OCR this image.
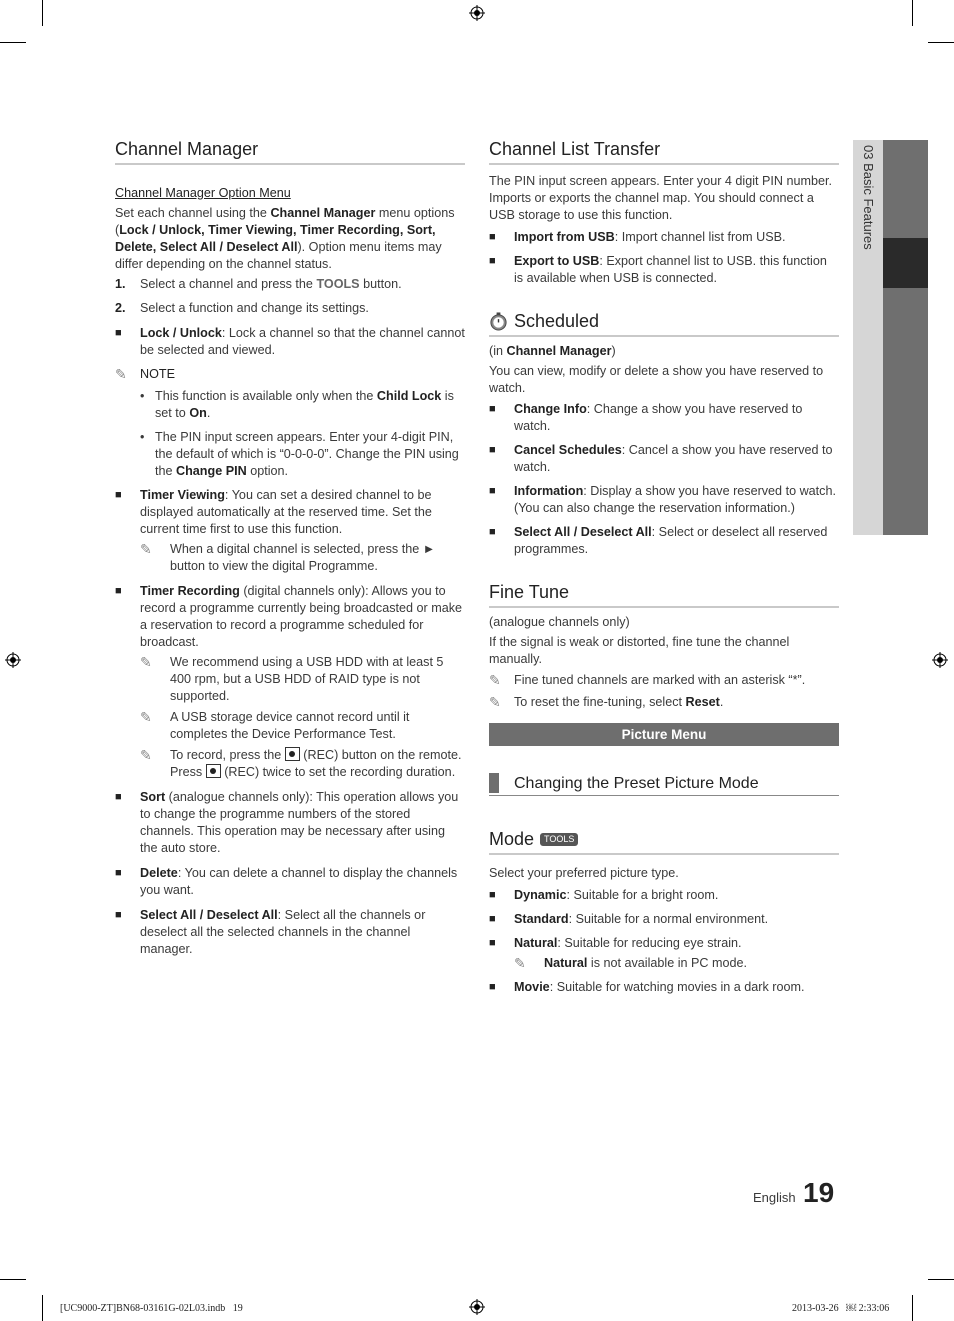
03 Basic Features
Channel Manager
Channel Manager Option Menu

Set each channel using the Channel Manager menu options (Lock / Unlock, Timer Viewing, Timer Recording, Sort, Delete, Select All / Deselect All). Option menu items may differ depending on the channel status.

1.	Select a channel and press the TOOLS button.
2.	Select a function and change its settings.
■	Lock / Unlock: Lock a channel so that the channel cannot be selected and viewed.
✎	NOTE
• This function is available only when the Child Lock is set to On.
• The PIN input screen appears. Enter your 4-digit PIN, the default of which is “0-0-0-0”. Change the PIN using the Change PIN option.
■	Timer Viewing: You can set a desired channel to be displayed automatically at the reserved time. Set the current time first to use this function.
✎	When a digital channel is selected, press the ► button to view the digital Programme.
■	Timer Recording (digital channels only): Allows you to record a programme currently being broadcasted or make a reservation to record a programme scheduled for broadcast.
✎	We recommend using a USB HDD with at least 5 400 rpm, but a USB HDD of RAID type is not supported.
✎	A USB storage device cannot record until it completes the Device Performance Test.
✎	To record, press the  (REC) button on the remote. Press  (REC) twice to set the recording duration.
■	Sort (analogue channels only): This operation allows you to change the programme numbers of the stored channels. This operation may be necessary after using the auto store.
■	Delete: You can delete a channel to display the channels you want.
■	Select All / Deselect All: Select all the channels or deselect all the selected channels in the channel manager.
Channel List Transfer

The PIN input screen appears. Enter your 4 digit PIN number. Imports or exports the channel map. You should connect a USB storage to use this function.

■	Import from USB: Import channel list from USB.
■	Export to USB: Export channel list to USB. this function is available when USB is connected.
Scheduled

(in Channel Manager)

You can view, modify or delete a show you have reserved to watch.

■	Change Info: Change a show you have reserved to watch.
■	Cancel Schedules: Cancel a show you have reserved to watch.
■	Information: Display a show you have reserved to watch. (You can also change the reservation information.)
■	Select All / Deselect All: Select or deselect all reserved programmes.
Fine Tune

(analogue channels only)

If the signal is weak or distorted, fine tune the channel manually.

✎	Fine tuned channels are marked with an asterisk “*”.
✎	To reset the fine-tuning, select Reset.
Picture Menu
Changing the Preset Picture Mode
Mode TOOLS

Select your preferred picture type.

■	Dynamic: Suitable for a bright room.
■	Standard: Suitable for a normal environment.
■	Natural: Suitable for reducing eye strain.
✎	Natural is not available in PC mode.
■	Movie: Suitable for watching movies in a dark room.
English 19
[UC9000-ZT]BN68-03161G-02L03.indb   19	2013-03-26   ￼ 2:33:06
